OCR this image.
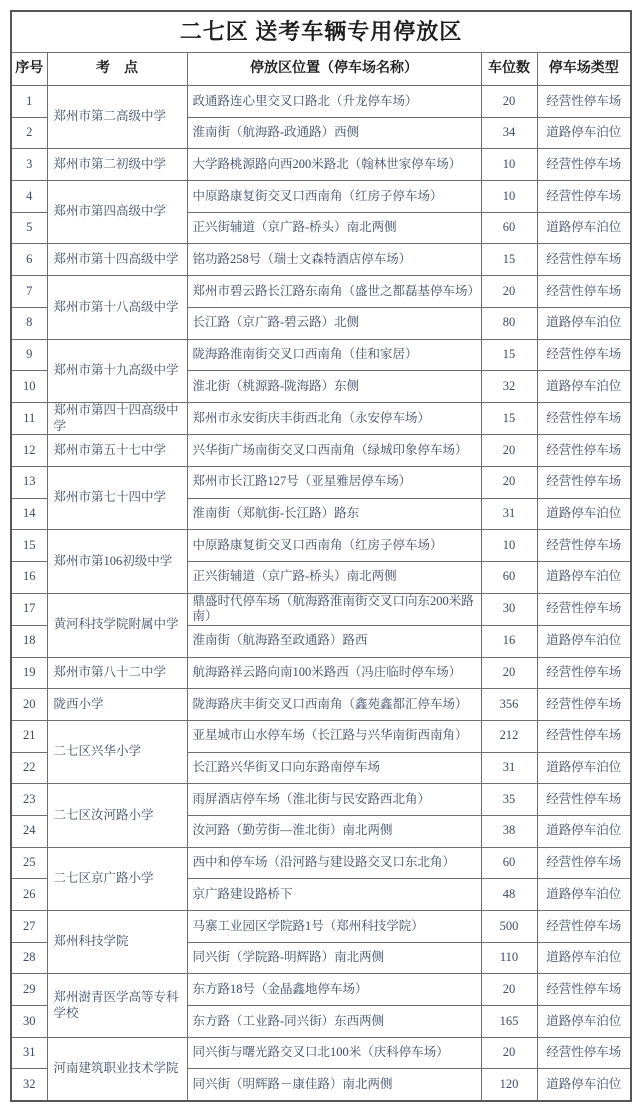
二七区 送考车辆专用停放区				
序号	考　点	停放区位置（停车场名称）	车位数	停车场类型
1	郑州市第二高级中学	政通路连心里交叉口路北（升龙停车场）	20	经营性停车场
2		淮南街（航海路-政通路）西侧	34	道路停车泊位
3	郑州市第二初级中学	大学路桃源路向西200米路北（翰林世家停车场）	10	经营性停车场
4	郑州市第四高级中学	中原路康复街交叉口西南角（红房子停车场）	10	经营性停车场
5		正兴街辅道（京广路-桥头）南北两侧	60	道路停车泊位
6	郑州市第十四高级中学	铭功路258号（瑞士文森特酒店停车场）	15	经营性停车场
7	郑州市第十八高级中学	郑州市碧云路长江路东南角（盛世之都磊基停车场）	20	经营性停车场
8		长江路（京广路-碧云路）北侧	80	道路停车泊位
9	郑州市第十九高级中学	陇海路淮南街交叉口西南角（佳和家居）	15	经营性停车场
10		淮北街（桃源路-陇海路）东侧	32	道路停车泊位
11	郑州市第四十四高级中学	郑州市永安街庆丰街西北角（永安停车场）	15	经营性停车场
12	郑州市第五十七中学	兴华街广场南街交叉口西南角（绿城印象停车场）	20	经营性停车场
13	郑州市第七十四中学	郑州市长江路127号（亚星雅居停车场）	20	经营性停车场
14		淮南街（郑航街-长江路）路东	31	道路停车泊位
15	郑州市第106初级中学	中原路康复街交叉口西南角（红房子停车场）	10	经营性停车场
16		正兴街辅道（京广路-桥头）南北两侧	60	道路停车泊位
17	黄河科技学院附属中学	鼎盛时代停车场（航海路淮南街交叉口向东200米路南）	30	经营性停车场
18		淮南街（航海路至政通路）路西	16	道路停车泊位
19	郑州市第八十二中学	航海路祥云路向南100米路西（冯庄临时停车场）	20	经营性停车场
20	陇西小学	陇海路庆丰街交叉口西南角（鑫苑鑫都汇停车场）	356	经营性停车场
21	二七区兴华小学	亚星城市山水停车场（长江路与兴华南街西南角）	212	经营性停车场
22		长江路兴华街叉口向东路南停车场	31	道路停车泊位
23	二七区汝河路小学	雨屏酒店停车场（淮北街与民安路西北角）	35	经营性停车场
24		汝河路（勤劳街—淮北街）南北两侧	38	道路停车泊位
25	二七区京广路小学	西中和停车场（沿河路与建设路交叉口东北角）	60	经营性停车场
26		京广路建设路桥下	48	道路停车泊位
27	郑州科技学院	马寨工业园区学院路1号（郑州科技学院）	500	经营性停车场
28		同兴街（学院路-明辉路）南北两侧	110	道路停车泊位
29	郑州澍青医学高等专科学校	东方路18号（金晶鑫地停车场）	20	经营性停车场
30		东方路（工业路-同兴街）东西两侧	165	道路停车泊位
31	河南建筑职业技术学院	同兴街与曙光路交叉口北100米（庆科停车场）	20	经营性停车场
32		同兴街（明辉路－康佳路）南北两侧	120	道路停车泊位
